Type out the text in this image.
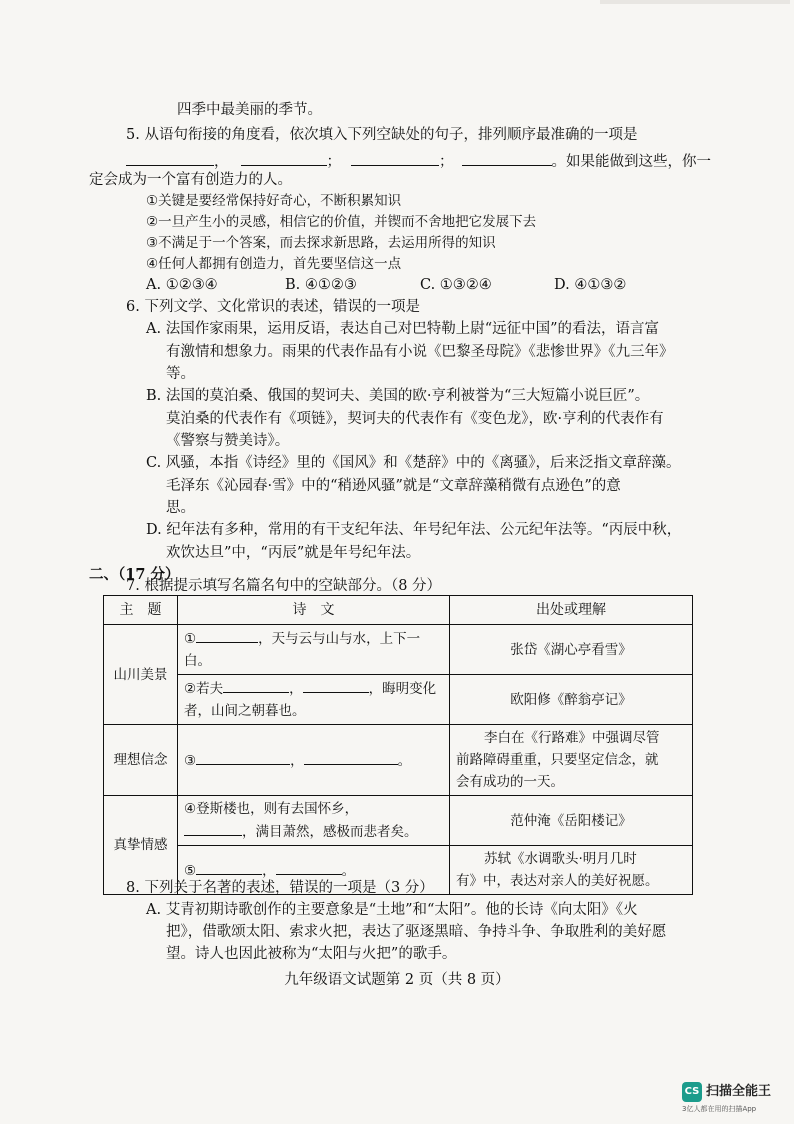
四季中最美丽的季节。
5. 从语句衔接的角度看，依次填入下列空缺处的句子，排列顺序最准确的一项是
，	；	；	。如果能做到这些，你一
定会成为一个富有创造力的人。
①关键是要经常保持好奇心，不断积累知识
②一旦产生小的灵感，相信它的价值，并锲而不舍地把它发展下去
③不满足于一个答案，而去探求新思路，去运用所得的知识
④任何人都拥有创造力，首先要坚信这一点
A. ①②③④	B. ④①②③	C. ①③②④	D. ④①③②
6. 下列文学、文化常识的表述，错误的一项是
A. 法国作家雨果，运用反语，表达自己对巴特勒上尉“远征中国”的看法，语言富
有激情和想象力。雨果的代表作品有小说《巴黎圣母院》《悲惨世界》《九三年》
等。
B. 法国的莫泊桑、俄国的契诃夫、美国的欧·亨利被誉为“三大短篇小说巨匠”。
莫泊桑的代表作有《项链》，契诃夫的代表作有《变色龙》，欧·亨利的代表作有
《警察与赞美诗》。
C. 风骚，本指《诗经》里的《国风》和《楚辞》中的《离骚》，后来泛指文章辞藻。
毛泽东《沁园春·雪》中的“稍逊风骚”就是“文章辞藻稍微有点逊色”的意
思。
D. 纪年法有多种，常用的有干支纪年法、年号纪年法、公元纪年法等。“丙辰中秋，
欢饮达旦”中，“丙辰”就是年号纪年法。
二、（17 分）
7. 根据提示填写名篇名句中的空缺部分。（8 分）
主　题	诗　文	出处或理解
山川美景	① ，天与云与山与水，上下一
白。	张岱《湖心亭看雪》
	②若夫 ， ，晦明变化
者，山间之朝暮也。	欧阳修《醉翁亭记》
理想信念	③ ， 。	李白在《行路难》中强调尽管
前路障碍重重，只要坚定信念，就
会有成功的一天。

真挚情感	④登斯楼也，则有去国怀乡，
，满目萧然，感极而悲者矣。	范仲淹《岳阳楼记》
	⑤ ， 。	苏轼《水调歌头·明月几时
有》中，表达对亲人的美好祝愿。
8. 下列关于名著的表述，错误的一项是（3 分）
A. 艾青初期诗歌创作的主要意象是“土地”和“太阳”。他的长诗《向太阳》《火
把》，借歌颂太阳、索求火把，表达了驱逐黑暗、争持斗争、争取胜利的美好愿
望。诗人也因此被称为“太阳与火把”的歌手。
九年级语文试题第 2 页（共 8 页）
CS 扫描全能王
3亿人都在用的扫描App
